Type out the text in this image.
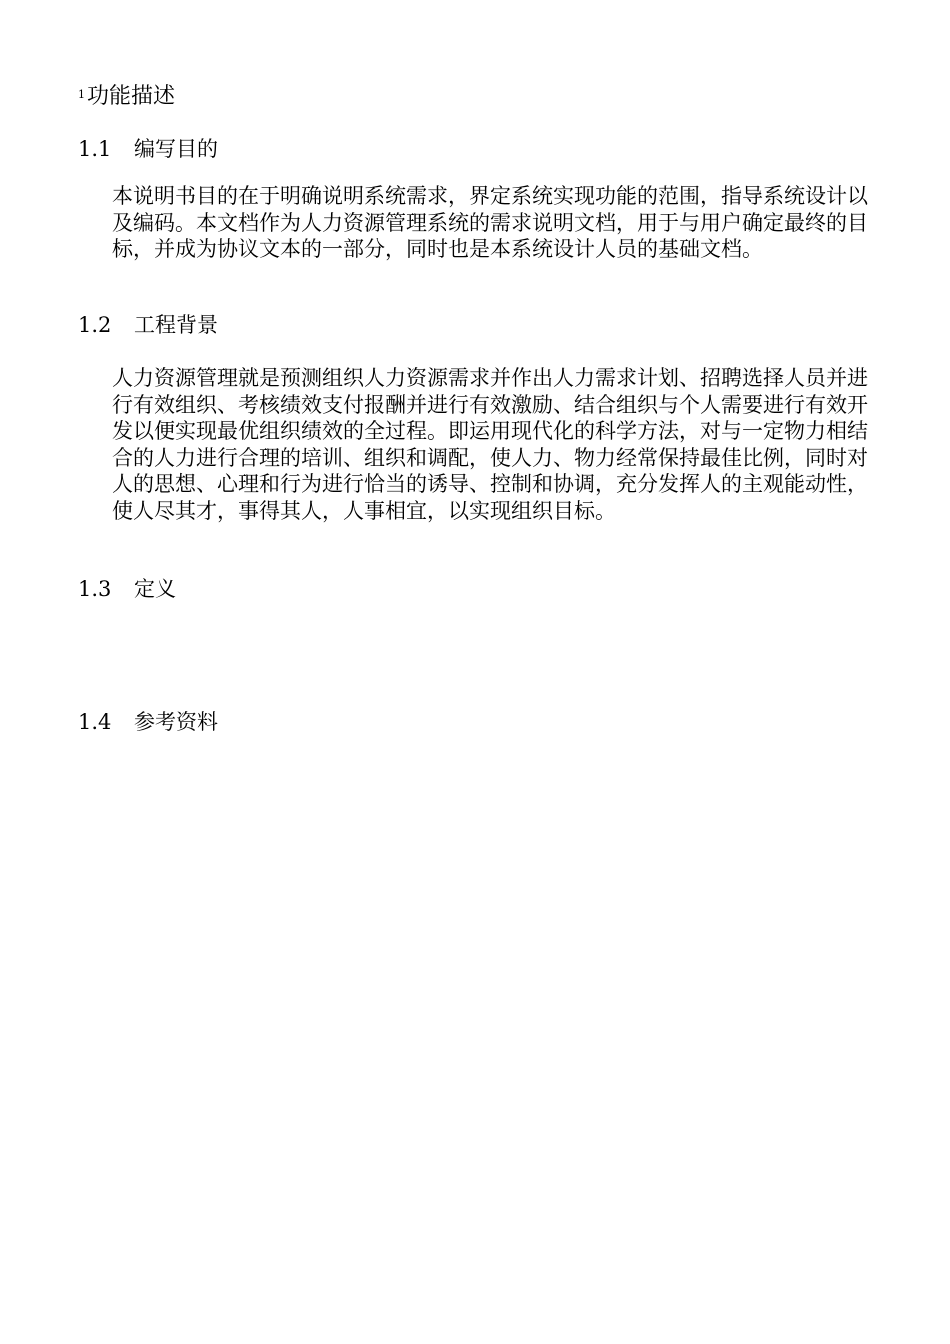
$^1$功能描述
1.1 编写目的

本说明书目的在于明确说明系统需求，界定系统实现功能的范围，指导系统设计以及编码。本文档作为人力资源管理系统的需求说明文档，用于与用户确定最终的目标，并成为协议文本的一部分，同时也是本系统设计人员的基础文档。

1.2 工程背景

人力资源管理就是预测组织人力资源需求并作出人力需求计划、招聘选择人员并进行有效组织、考核绩效支付报酬并进行有效激励、结合组织与个人需要进行有效开发以便实现最优组织绩效的全过程。即运用现代化的科学方法，对与一定物力相结合的人力进行合理的培训、组织和调配，使人力、物力经常保持最佳比例，同时对人的思想、心理和行为进行恰当的诱导、控制和协调，充分发挥人的主观能动性，使人尽其才，事得其人，人事相宜，以实现组织目标。

1.3 定义
1.4 参考资料
